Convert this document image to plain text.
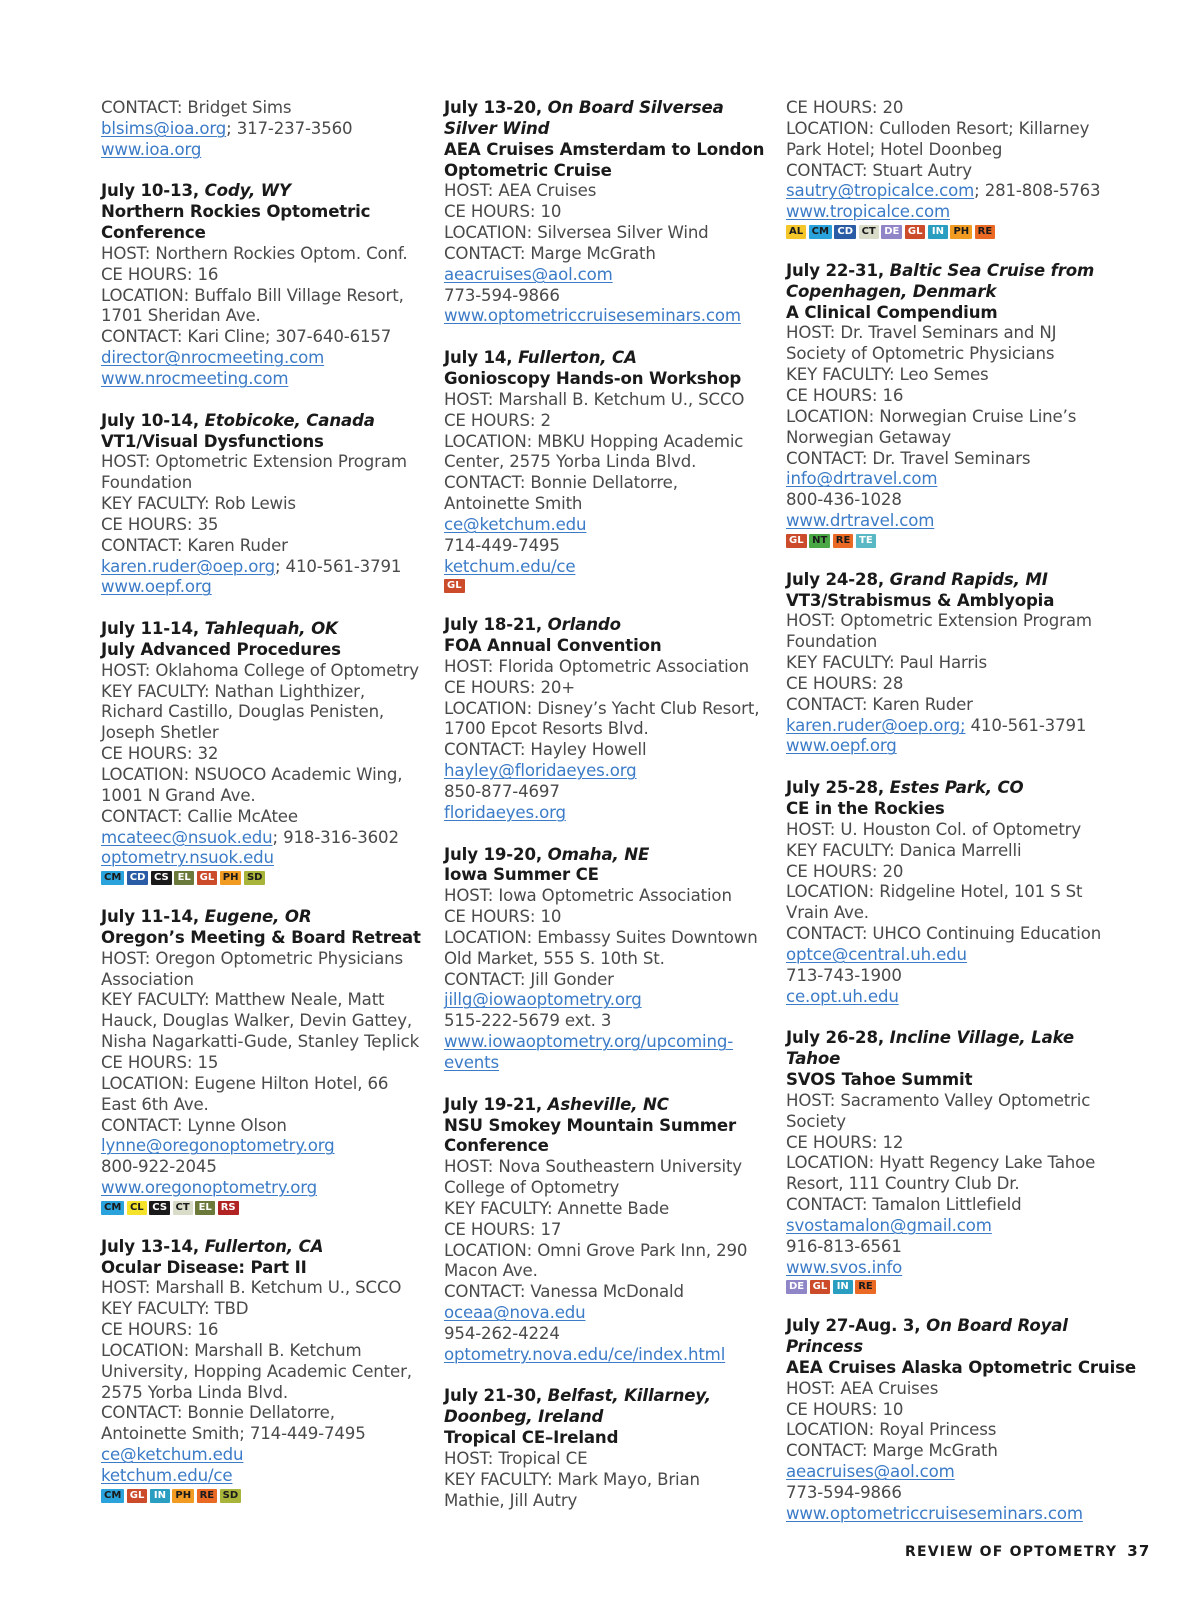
CONTACT: Bridget Sims
blsims@ioa.org; 317-237-3560
www.ioa.org
July 10-13, Cody, WY
Northern Rockies Optometric
Conference
HOST: Northern Rockies Optom. Conf.
CE HOURS: 16
LOCATION: Buffalo Bill Village Resort,
1701 Sheridan Ave.
CONTACT: Kari Cline; 307-640-6157
director@nrocmeeting.com
www.nrocmeeting.com
July 10-14, Etobicoke, Canada
VT1/Visual Dysfunctions
HOST: Optometric Extension Program
Foundation
KEY FACULTY: Rob Lewis
CE HOURS: 35
CONTACT: Karen Ruder
karen.ruder@oep.org; 410-561-3791
www.oepf.org
July 11-14, Tahlequah, OK
July Advanced Procedures
HOST: Oklahoma College of Optometry
KEY FACULTY: Nathan Lighthizer,
Richard Castillo, Douglas Penisten,
Joseph Shetler
CE HOURS: 32
LOCATION: NSUOCO Academic Wing,
1001 N Grand Ave.
CONTACT: Callie McAtee
mcateec@nsuok.edu; 918-316-3602
optometry.nsuok.edu
CM CD CS EL GL PH SD
July 11-14, Eugene, OR
Oregon’s Meeting & Board Retreat
HOST: Oregon Optometric Physicians
Association
KEY FACULTY: Matthew Neale, Matt
Hauck, Douglas Walker, Devin Gattey,
Nisha Nagarkatti-Gude, Stanley Teplick
CE HOURS: 15
LOCATION: Eugene Hilton Hotel, 66
East 6th Ave.
CONTACT: Lynne Olson
lynne@oregonoptometry.org
800-922-2045
www.oregonoptometry.org
CM CL CS CT EL RS
July 13-14, Fullerton, CA
Ocular Disease: Part II
HOST: Marshall B. Ketchum U., SCCO
KEY FACULTY: TBD
CE HOURS: 16
LOCATION: Marshall B. Ketchum
University, Hopping Academic Center,
2575 Yorba Linda Blvd.
CONTACT: Bonnie Dellatorre,
Antoinette Smith; 714-449-7495
ce@ketchum.edu
ketchum.edu/ce
CM GL IN PH RE SD
July 13-20, On Board Silversea Silver Wind
AEA Cruises Amsterdam to London
Optometric Cruise
HOST: AEA Cruises
CE HOURS: 10
LOCATION: Silversea Silver Wind
CONTACT: Marge McGrath
aeacruises@aol.com
773-594-9866
www.optometriccruiseseminars.com
July 14, Fullerton, CA
Gonioscopy Hands-on Workshop
HOST: Marshall B. Ketchum U., SCCO
CE HOURS: 2
LOCATION: MBKU Hopping Academic
Center, 2575 Yorba Linda Blvd.
CONTACT: Bonnie Dellatorre,
Antoinette Smith
ce@ketchum.edu
714-449-7495
ketchum.edu/ce
GL
July 18-21, Orlando
FOA Annual Convention
HOST: Florida Optometric Association
CE HOURS: 20+
LOCATION: Disney’s Yacht Club Resort,
1700 Epcot Resorts Blvd.
CONTACT: Hayley Howell
hayley@floridaeyes.org
850-877-4697
floridaeyes.org
July 19-20, Omaha, NE
Iowa Summer CE
HOST: Iowa Optometric Association
CE HOURS: 10
LOCATION: Embassy Suites Downtown
Old Market, 555 S. 10th St.
CONTACT: Jill Gonder
jillg@iowaoptometry.org
515-222-5679 ext. 3
www.iowaoptometry.org/upcoming-
events
July 19-21, Asheville, NC
NSU Smokey Mountain Summer
Conference
HOST: Nova Southeastern University
College of Optometry
KEY FACULTY: Annette Bade
CE HOURS: 17
LOCATION: Omni Grove Park Inn, 290
Macon Ave.
CONTACT: Vanessa McDonald
oceaa@nova.edu
954-262-4224
optometry.nova.edu/ce/index.html
July 21-30, Belfast, Killarney, Doonbeg, Ireland
Tropical CE–Ireland
HOST: Tropical CE
KEY FACULTY: Mark Mayo, Brian
Mathie, Jill Autry
CE HOURS: 20
LOCATION: Culloden Resort; Killarney
Park Hotel; Hotel Doonbeg
CONTACT: Stuart Autry
sautry@tropicalce.com; 281-808-5763
www.tropicalce.com
AL CM CD CT DE GL IN PH RE
July 22-31, Baltic Sea Cruise from Copenhagen, Denmark
A Clinical Compendium
HOST: Dr. Travel Seminars and NJ
Society of Optometric Physicians
KEY FACULTY: Leo Semes
CE HOURS: 16
LOCATION: Norwegian Cruise Line’s
Norwegian Getaway
CONTACT: Dr. Travel Seminars
info@drtravel.com
800-436-1028
www.drtravel.com
GL NT RE TE
July 24-28, Grand Rapids, MI
VT3/Strabismus & Amblyopia
HOST: Optometric Extension Program
Foundation
KEY FACULTY: Paul Harris
CE HOURS: 28
CONTACT: Karen Ruder
karen.ruder@oep.org; 410-561-3791
www.oepf.org
July 25-28, Estes Park, CO
CE in the Rockies
HOST: U. Houston Col. of Optometry
KEY FACULTY: Danica Marrelli
CE HOURS: 20
LOCATION: Ridgeline Hotel, 101 S St
Vrain Ave.
CONTACT: UHCO Continuing Education
optce@central.uh.edu
713-743-1900
ce.opt.uh.edu
July 26-28, Incline Village, Lake Tahoe
SVOS Tahoe Summit
HOST: Sacramento Valley Optometric
Society
CE HOURS: 12
LOCATION: Hyatt Regency Lake Tahoe
Resort, 111 Country Club Dr.
CONTACT: Tamalon Littlefield
svostamalon@gmail.com
916-813-6561
www.svos.info
DE GL IN RE
July 27-Aug. 3, On Board Royal Princess
AEA Cruises Alaska Optometric Cruise
HOST: AEA Cruises
CE HOURS: 10
LOCATION: Royal Princess
CONTACT: Marge McGrath
aeacruises@aol.com
773-594-9866
www.optometriccruiseseminars.com
REVIEW OF OPTOMETRY 37
